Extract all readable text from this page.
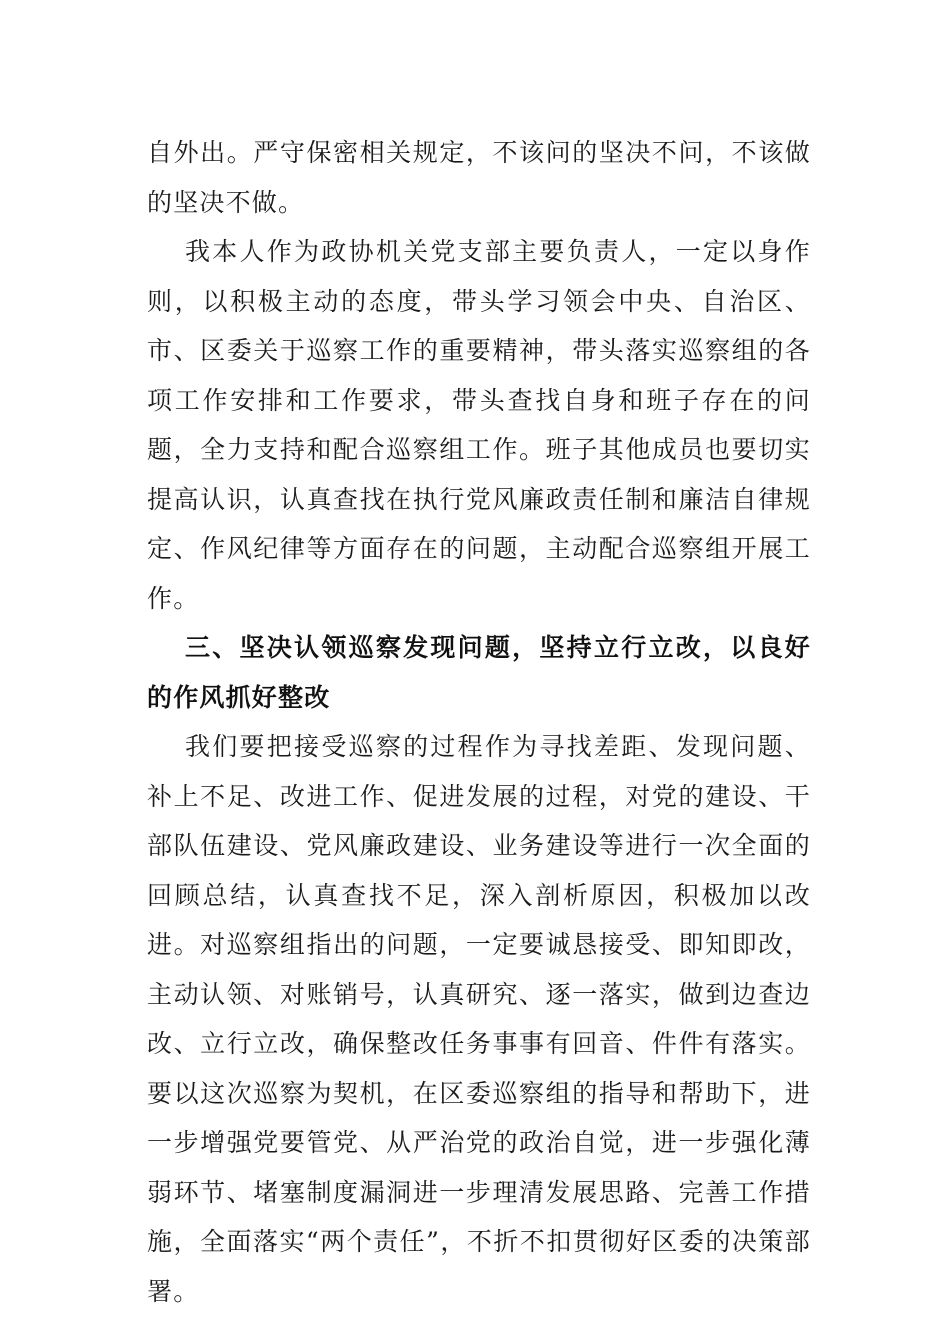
自外出。严守保密相关规定，不该问的坚决不问，不该做的坚决不做。

我本人作为政协机关党支部主要负责人，一定以身作则，以积极主动的态度，带头学习领会中央、自治区、市、区委关于巡察工作的重要精神，带头落实巡察组的各项工作安排和工作要求，带头查找自身和班子存在的问题，全力支持和配合巡察组工作。班子其他成员也要切实提高认识，认真查找在执行党风廉政责任制和廉洁自律规定、作风纪律等方面存在的问题，主动配合巡察组开展工作。

三、坚决认领巡察发现问题，坚持立行立改，以良好的作风抓好整改

我们要把接受巡察的过程作为寻找差距、发现问题、补上不足、改进工作、促进发展的过程，对党的建设、干部队伍建设、党风廉政建设、业务建设等进行一次全面的回顾总结，认真查找不足，深入剖析原因，积极加以改进。对巡察组指出的问题，一定要诚恳接受、即知即改，主动认领、对账销号，认真研究、逐一落实，做到边查边改、立行立改，确保整改任务事事有回音、件件有落实。要以这次巡察为契机，在区委巡察组的指导和帮助下，进一步增强党要管党、从严治党的政治自觉，进一步强化薄弱环节、堵塞制度漏洞进一步理清发展思路、完善工作措施，全面落实“两个责任”，不折不扣贯彻好区委的决策部署。
